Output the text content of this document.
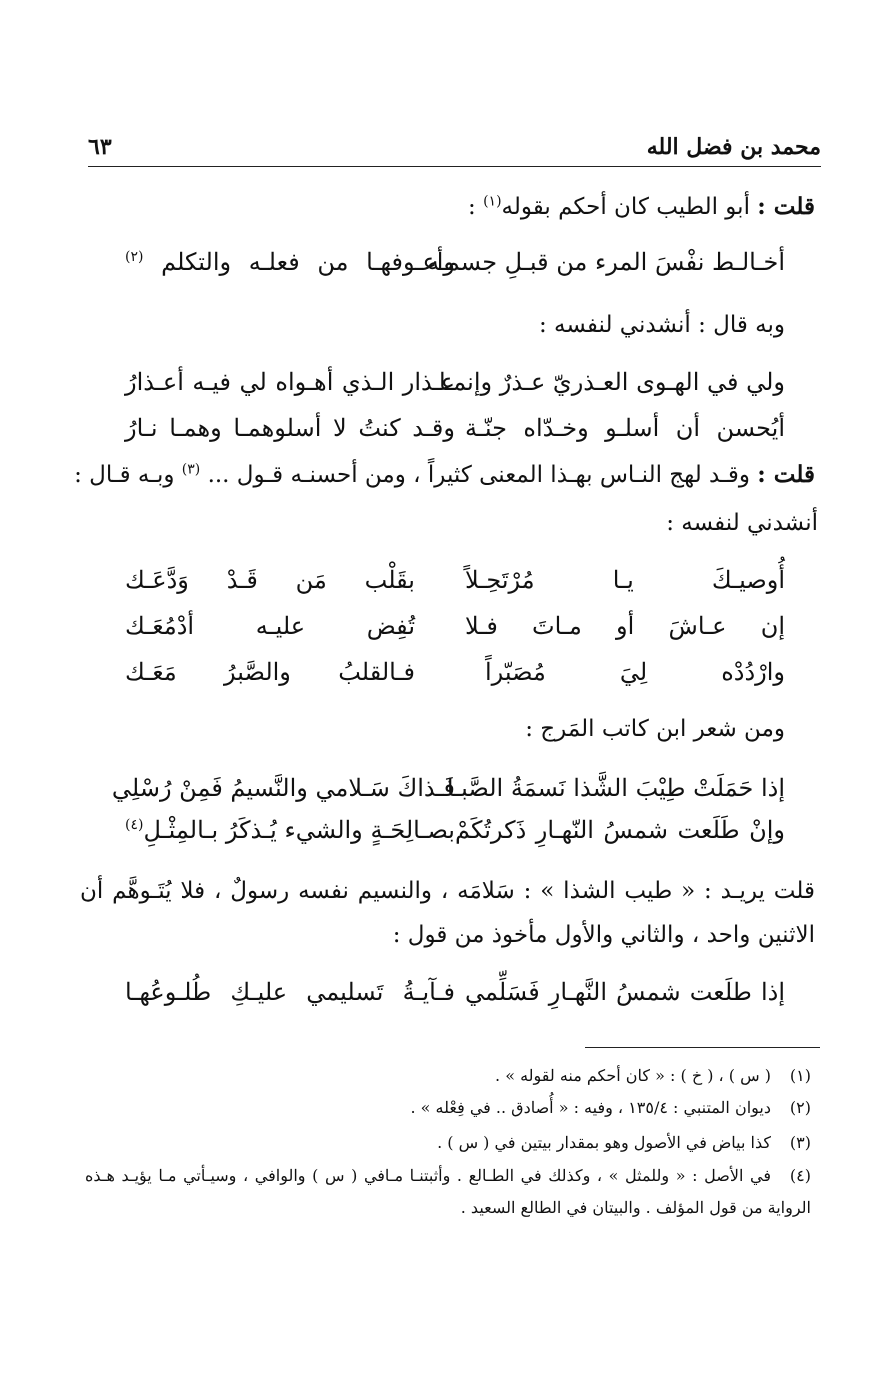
محمد بن فضل الله
٦٣
قلت : أبو الطيب كان أحكم بقوله$^{(١)}$ :
أخـالـط نفْسَ المرء من قبـلِ جسمـه
وأعـوفهـا من فعلـه والتكلم $^{(٢)}$
وبه قال : أنشدني لنفسه :
ولي في الهـوى العـذريّ عـذرٌ وإنمـا
عـذار الـذي أهـواه لي فيـه أعـذارُ
أيُحسن أن أسلـو وخـدّاه جنّـة
وقـد كنتُ لا أسلوهمـا وهمـا نـارُ
قلت : وقـد لهج النـاس بهـذا المعنى كثيراً ، ومن أحسنـه قـول ... $^{(٣)}$ وبـه قـال :
أنشدني لنفسه :
أُوصيـكَ يـا مُرْتَحِـلاً
بقَلْب مَن قَـدْ وَدَّعَـك
إن عـاشَ أو مـاتَ فـلا
تُفِض عليـه أدْمُعَـك
وارْدُدْه لِيَ مُصَبّراً
فـالقلبُ والصَّبرُ مَعَـك
ومن شعر ابن كاتب المَرج :
إذا حَمَلَتْ طِيْبَ الشَّذا نَسمَةُ الصَّبـا
فَـذاكَ سَـلامي والنَّسيمُ فَمِنْ رُسْلِي
وإنْ طَلَعت شمسُ النّهـارِ ذَكرتُكَمْ
بصـالِحَـةٍ والشيء يُـذكَرُ بـالمِثْـلِ$^{(٤)}$
قلت يريـد : « طيب الشذا » : سَلامَه ، والنسيم نفسه رسولٌ ، فلا يُتَـوهَّم أن
الاثنين واحد ، والثاني والأول مأخوذ من قول :
إذا طلَعت شمسُ النَّهـارِ فَسَلِّمي
فـآيـةُ تَسليمي عليـكِ طُلـوعُهـا
(١)
( س ) ، ( خ ) : « كان أحكم منه لقوله » .
(٢)
ديوان المتنبي : ١٣٥/٤ ، وفيه : « أُصادق .. في فِعْله » .
(٣)
كذا بياض في الأصول وهو بمقدار بيتين في ( س ) .
(٤)
في الأصل : « وللمثل » ، وكذلك في الطـالع . وأثبتنـا مـافي ( س ) والوافي ، وسيـأتي مـا يؤيـد هـذه
الرواية من قول المؤلف . والبيتان في الطالع السعيد .
